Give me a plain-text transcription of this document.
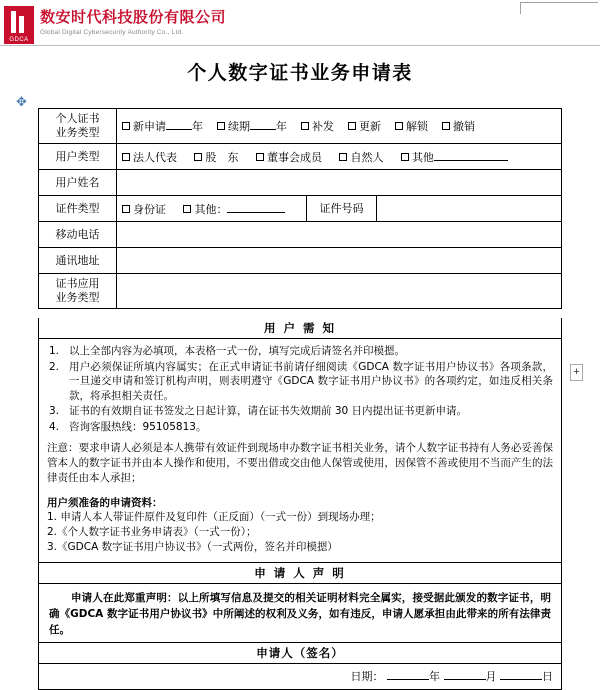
GDCA
数安时代科技股份有限公司
Global Digital Cybersecurity Authority Co., Ltd.
个人数字证书业务申请表
✥
+
个人证书
业务类型	新申请 年 续期 年 补发 更新 解锁 撤销		
用户类型	法人代表 股　东 董事会成员 自然人 其他		
用户姓名			
证件类型	身份证 其他：	证件号码	
移动电话			
通讯地址			
证书应用
业务类型			
用 户 需 知
1. 以上全部内容为必填项，本表格一式一份，填写完成后请签名并印模摁。
2. 用户必须保证所填内容属实；在正式申请证书前请仔细阅读《GDCA 数字证书用户协议书》各项条款，一旦递交申请和签订机构声明，则表明遵守《GDCA 数字证书用户协议书》的各项约定，如违反相关条款，将承担相关责任。
3. 证书的有效期自证书签发之日起计算，请在证书失效期前 30 日内提出证书更新申请。
4. 咨询客服热线：95105813。
注意：要求申请人必须是本人携带有效证件到现场申办数字证书相关业务，请个人数字证书持有人务必妥善保管本人的数字证书并由本人操作和使用，不要出借或交由他人保管或使用，因保管不善或使用不当而产生的法律责任由本人承担；
用户须准备的申请资料：
1. 申请人本人带证件原件及复印件（正反面）（一式一份）到现场办理；
2.《个人数字证书业务申请表》（一式一份）；
3.《GDCA 数字证书用户协议书》（一式两份，签名并印模摁）
申 请 人 声 明
申请人在此郑重声明：以上所填写信息及提交的相关证明材料完全属实，接受据此颁发的数字证书，明确《GDCA 数字证书用户协议书》中所阐述的权利及义务，如有违反，申请人愿承担由此带来的所有法律责任。
申请人（签名）
日期：	年	月	日
